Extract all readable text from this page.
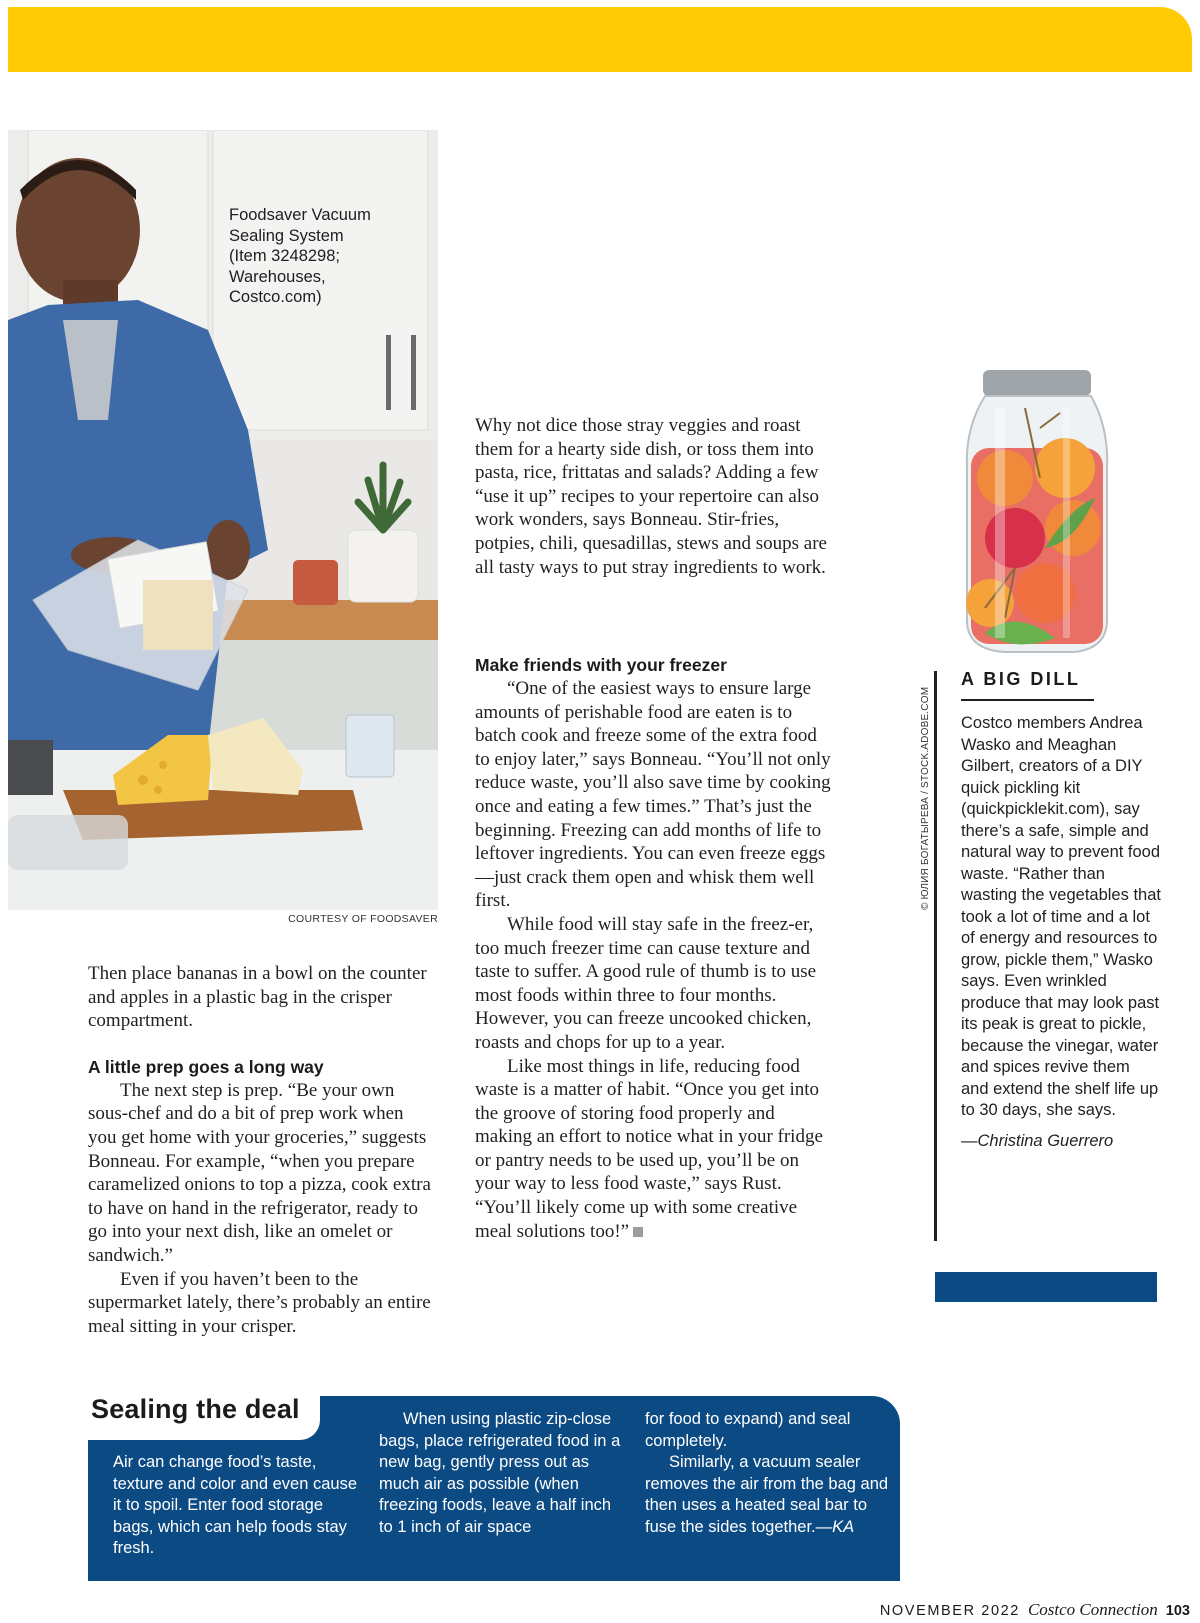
Foodsaver Vacuum
Sealing System
(Item 3248298;
Warehouses,
Costco.com)
COURTESY OF FOODSAVER

Why not dice those stray veggies and roast them for a hearty side dish, or toss them into pasta, rice, frittatas and salads? Adding a few “use it up” recipes to your repertoire can also work wonders, says Bonneau. Stir-fries, potpies, chili, quesadillas, stews and soups are all tasty ways to put stray ingredients to work.

Make friends with your freezer

“One of the easiest ways to ensure large amounts of perishable food are eaten is to batch cook and freeze some of the extra food to enjoy later,” says Bonneau. “You’ll not only reduce waste, you’ll also save time by cooking once and eating a few times.” That’s just the beginning. Freezing can add months of life to leftover ingredients. You can even freeze eggs—just crack them open and whisk them well first.

While food will stay safe in the freez-er, too much freezer time can cause texture and taste to suffer. A good rule of thumb is to use most foods within three to four months. However, you can freeze uncooked chicken, roasts and chops for up to a year.

Like most things in life, reducing food waste is a matter of habit. “Once you get into the groove of storing food properly and making an effort to notice what in your fridge or pantry needs to be used up, you’ll be on your way to less food waste,” says Rust. “You’ll likely come up with some creative meal solutions too!”

Then place bananas in a bowl on the counter and apples in a plastic bag in the crisper compartment.

A little prep goes a long way

The next step is prep. “Be your own sous-chef and do a bit of prep work when you get home with your groceries,” suggests Bonneau. For example, “when you prepare caramelized onions to top a pizza, cook extra to have on hand in the refrigerator, ready to go into your next dish, like an omelet or sandwich.”

Even if you haven’t been to the supermarket lately, there’s probably an entire meal sitting in your crisper.

© ЮЛИЯ БОГАТЫРЕВА / STOCK.ADOBE.COM
A BIG DILL

Costco members Andrea Wasko and Meaghan Gilbert, creators of a DIY quick pickling kit (quickpicklekit.com), say there’s a safe, simple and natural way to prevent food waste. “Rather than wasting the vegetables that took a lot of time and a lot of energy and resources to grow, pickle them,” Wasko says. Even wrinkled produce that may look past its peak is great to pickle, because the vinegar, water and spices revive them and extend the shelf life up to 30 days, she says.

—Christina Guerrero

Sealing the deal

Air can change food’s taste, texture and color and even cause it to spoil. Enter food storage bags, which can help foods stay fresh.

When using plastic zip-close bags, place refrigerated food in a new bag, gently press out as much air as possible (when freezing foods, leave a half inch to 1 inch of air space

for food to expand) and seal completely.

Similarly, a vacuum sealer removes the air from the bag and then uses a heated seal bar to fuse the sides together.—KA

NOVEMBER 2022 Costco Connection 103
